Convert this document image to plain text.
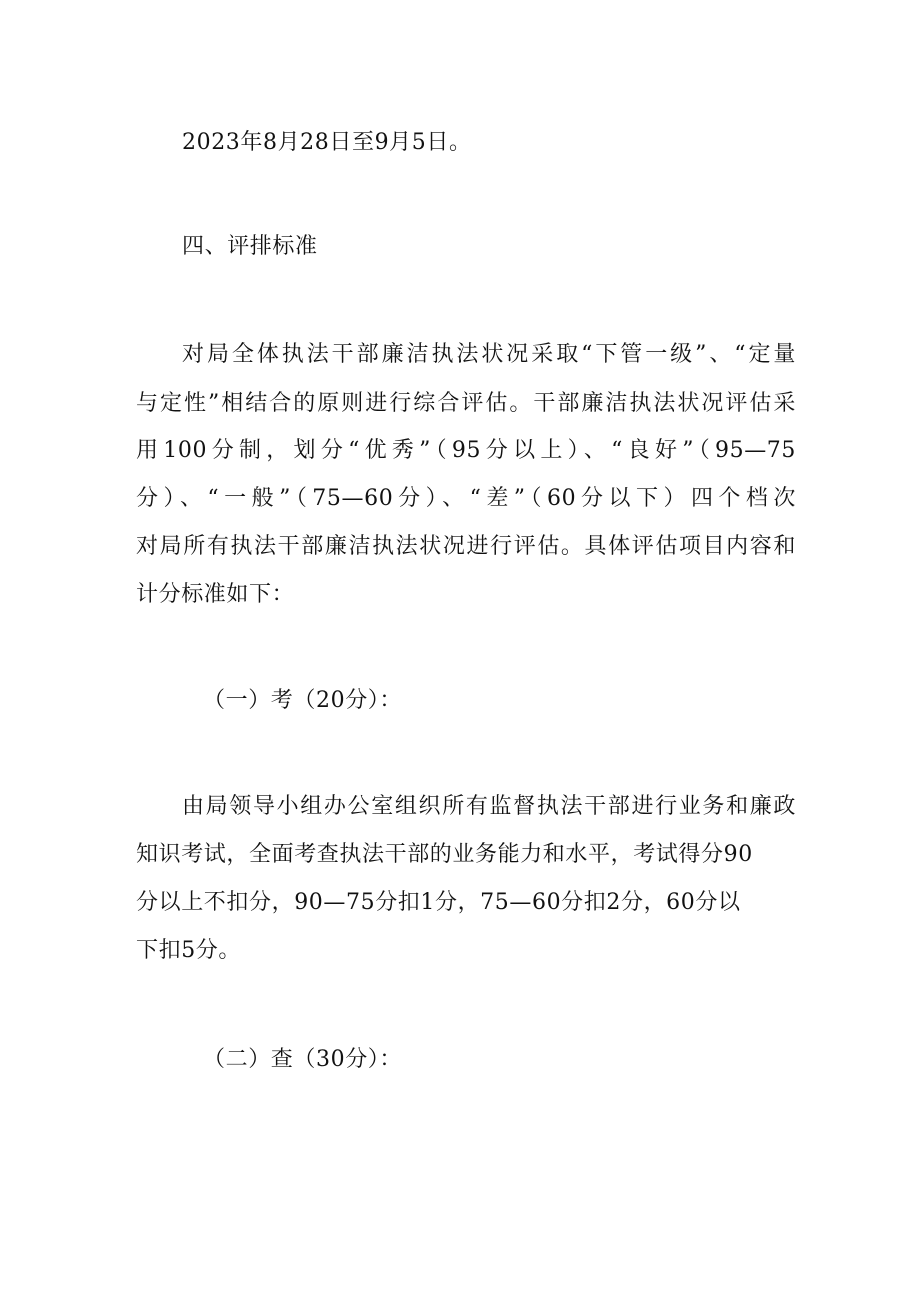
2023年8月28日至9月5日。
四、评排标准
对局全体执法干部廉洁执法状况采取“下管一级”、“定量
与定性”相结合的原则进行综合评估。干部廉洁执法状况评估采
用100分制，划分“优秀”（95分以上）、“良好”（95—75
分）、“一般”（75—60分）、“差”（60分以下）四个档次
对局所有执法干部廉洁执法状况进行评估。具体评估项目内容和
计分标准如下：
（一）考（20分）：
由局领导小组办公室组织所有监督执法干部进行业务和廉政
知识考试，全面考查执法干部的业务能力和水平，考试得分90
分以上不扣分，90—75分扣1分，75—60分扣2分，60分以
下扣5分。
（二）查（30分）：
